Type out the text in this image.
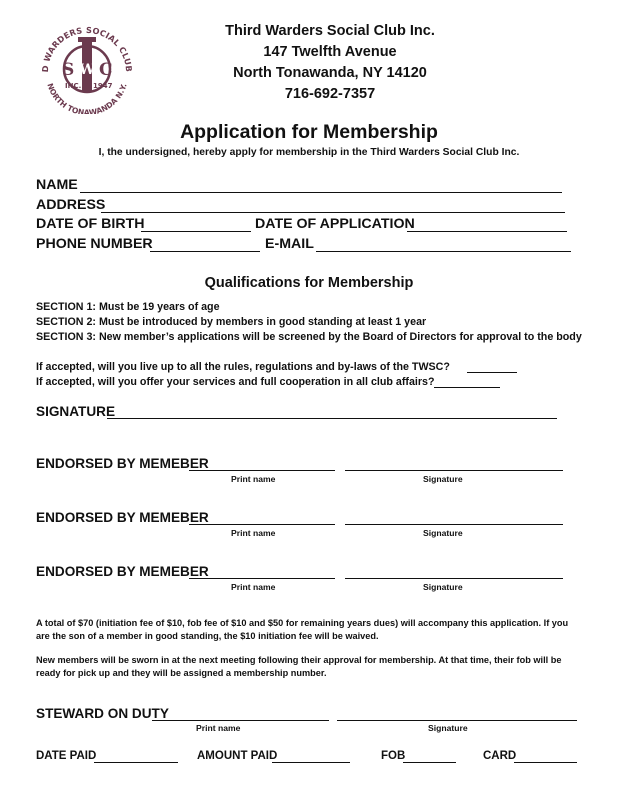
D WARDERS SOCIAL CLUB
NORTH TONAWANDA N.Y.
S C
W
INC. 1947
Third Warders Social Club Inc.
147 Twelfth Avenue
North Tonawanda, NY 14120
716-692-7357
Application for Membership
I, the undersigned, hereby apply for membership in the Third Warders Social Club Inc.
NAME
ADDRESS
DATE OF BIRTH	DATE OF APPLICATION
PHONE NUMBER	E-MAIL
Qualifications for Membership
SECTION 1: Must be 19 years of age
SECTION 2: Must be introduced by members in good standing at least 1 year
SECTION 3: New member’s applications will be screened by the Board of Directors for approval to the body
If accepted, will you live up to all the rules, regulations and by-laws of the TWSC?
If accepted, will you offer your services and full cooperation in all club affairs?
SIGNATURE
ENDORSED BY MEMEBER
Print name	Signature
ENDORSED BY MEMEBER
Print name	Signature
ENDORSED BY MEMEBER
Print name	Signature
A total of $70 (initiation fee of $10, fob fee of $10 and $50 for remaining years dues) will accompany this application. If you are the son of a member in good standing, the $10 initiation fee will be waived.
New members will be sworn in at the next meeting following their approval for membership. At that time, their fob will be ready for pick up and they will be assigned a membership number.
STEWARD ON DUTY
Print name	Signature
DATE PAID	AMOUNT PAID	FOB	CARD
